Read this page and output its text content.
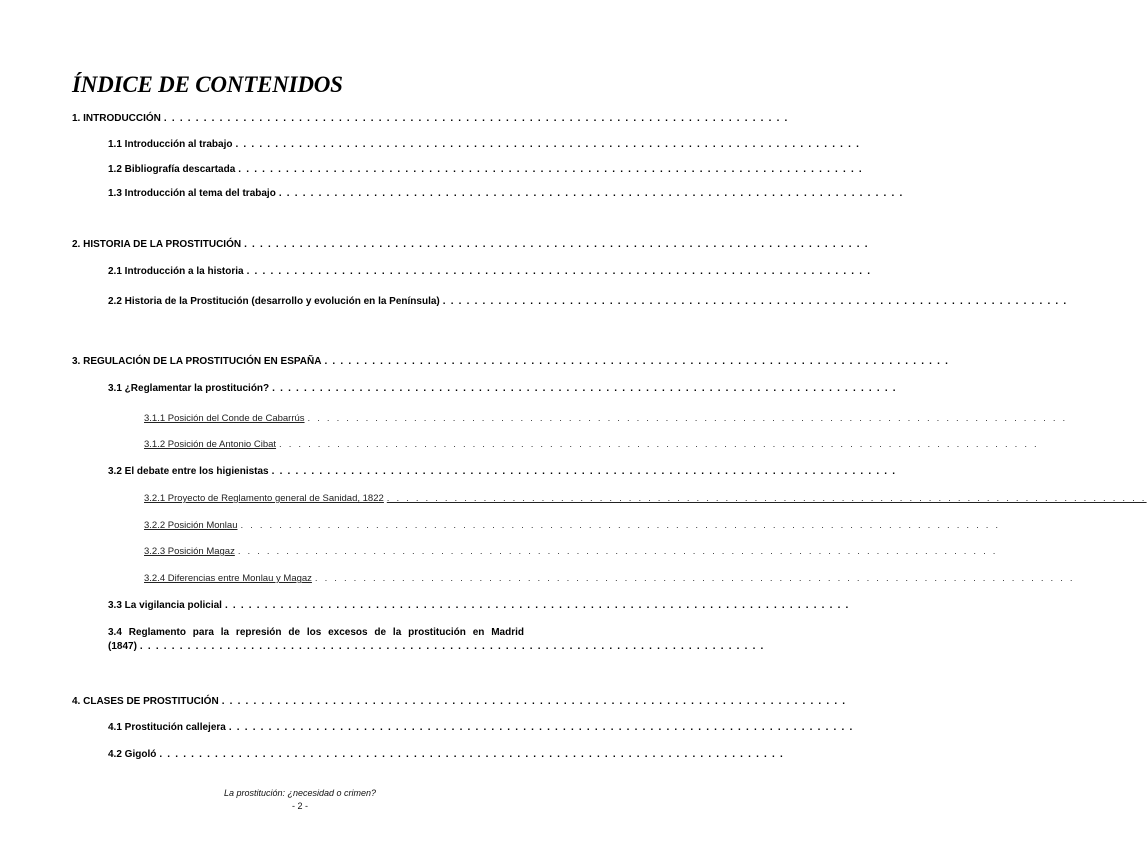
ÍNDICE DE CONTENIDOS
1. INTRODUCCIÓN . . . . . . . . . . . . . . . . . . . . . . . . . . . . . . . . . . . . . . . . . . . . . . . . . . . . . . . . . . . . . . . . . . . . . . . . . . . . . . .
1.1 Introducción al trabajo . . . . . . . . . . . . . . . . . . . . . . . . . . . . . . . . . . . . . . . . . . . . . . . . . . . . . . . . . . . . . . . . . . . . . . . . . . . . . . .
1.2 Bibliografía descartada . . . . . . . . . . . . . . . . . . . . . . . . . . . . . . . . . . . . . . . . . . . . . . . . . . . . . . . . . . . . . . . . . . . . . . . . . . . . . . .
1.3 Introducción al tema del trabajo . . . . . . . . . . . . . . . . . . . . . . . . . . . . . . . . . . . . . . . . . . . . . . . . . . . . . . . . . . . . . . . . . . . . . . . . . . . . . . .
2. HISTORIA DE LA PROSTITUCIÓN . . . . . . . . . . . . . . . . . . . . . . . . . . . . . . . . . . . . . . . . . . . . . . . . . . . . . . . . . . . . . . . . . . . . . . . . . . . . . . .
2.1 Introducción a la historia . . . . . . . . . . . . . . . . . . . . . . . . . . . . . . . . . . . . . . . . . . . . . . . . . . . . . . . . . . . . . . . . . . . . . . . . . . . . . . .
2.2 Historia de la Prostitución (desarrollo y evolución en la Península) . . . . . . . . . . . . . . . . . . . . . . . . . . . . . . . . . . . . . . . . . . . . . . . . . . . . . . . . . . . . . . . . . . . . . . . . . . . . . . .
3. REGULACIÓN DE LA PROSTITUCIÓN EN ESPAÑA . . . . . . . . . . . . . . . . . . . . . . . . . . . . . . . . . . . . . . . . . . . . . . . . . . . . . . . . . . . . . . . . . . . . . . . . . . . . . . .
3.1 ¿Reglamentar la prostitución? . . . . . . . . . . . . . . . . . . . . . . . . . . . . . . . . . . . . . . . . . . . . . . . . . . . . . . . . . . . . . . . . . . . . . . . . . . . . . . .
3.1.1 Posición del Conde de Cabarrús . . . . . . . . . . . . . . . . . . . . . . . . . . . . . . . . . . . . . . . . . . . . . . . . . . . . . . . . . . . . . . . . . . . . . . . . . . . . . . .
3.1.2 Posición de Antonio Cibat . . . . . . . . . . . . . . . . . . . . . . . . . . . . . . . . . . . . . . . . . . . . . . . . . . . . . . . . . . . . . . . . . . . . . . . . . . . . . . .
3.2 El debate entre los higienistas . . . . . . . . . . . . . . . . . . . . . . . . . . . . . . . . . . . . . . . . . . . . . . . . . . . . . . . . . . . . . . . . . . . . . . . . . . . . . . .
3.2.1 Proyecto de Reglamento general de Sanidad, 1822 . . . . . . . . . . . . . . . . . . . . . . . . . . . . . . . . . . . . . . . . . . . . . . . . . . . . . . . . . . . . . . . . . . . . . . . . . . . . . . .
3.2.2 Posición Monlau . . . . . . . . . . . . . . . . . . . . . . . . . . . . . . . . . . . . . . . . . . . . . . . . . . . . . . . . . . . . . . . . . . . . . . . . . . . . . . .
3.2.3 Posición Magaz . . . . . . . . . . . . . . . . . . . . . . . . . . . . . . . . . . . . . . . . . . . . . . . . . . . . . . . . . . . . . . . . . . . . . . . . . . . . . . .
3.2.4 Diferencias entre Monlau y Magaz . . . . . . . . . . . . . . . . . . . . . . . . . . . . . . . . . . . . . . . . . . . . . . . . . . . . . . . . . . . . . . . . . . . . . . . . . . . . . . .
3.3 La vigilancia policial . . . . . . . . . . . . . . . . . . . . . . . . . . . . . . . . . . . . . . . . . . . . . . . . . . . . . . . . . . . . . . . . . . . . . . . . . . . . . . .
3.4 Reglamento para la represión de los excesos de la prostitución en Madrid
(1847) . . . . . . . . . . . . . . . . . . . . . . . . . . . . . . . . . . . . . . . . . . . . . . . . . . . . . . . . . . . . . . . . . . . . . . . . . . . . . . .
4. CLASES DE PROSTITUCIÓN . . . . . . . . . . . . . . . . . . . . . . . . . . . . . . . . . . . . . . . . . . . . . . . . . . . . . . . . . . . . . . . . . . . . . . . . . . . . . . .
4.1 Prostitución callejera . . . . . . . . . . . . . . . . . . . . . . . . . . . . . . . . . . . . . . . . . . . . . . . . . . . . . . . . . . . . . . . . . . . . . . . . . . . . . . .
4.2 Gigoló . . . . . . . . . . . . . . . . . . . . . . . . . . . . . . . . . . . . . . . . . . . . . . . . . . . . . . . . . . . . . . . . . . . . . . . . . . . . . . .
La prostitución: ¿necesidad o crimen?
- 2 -
